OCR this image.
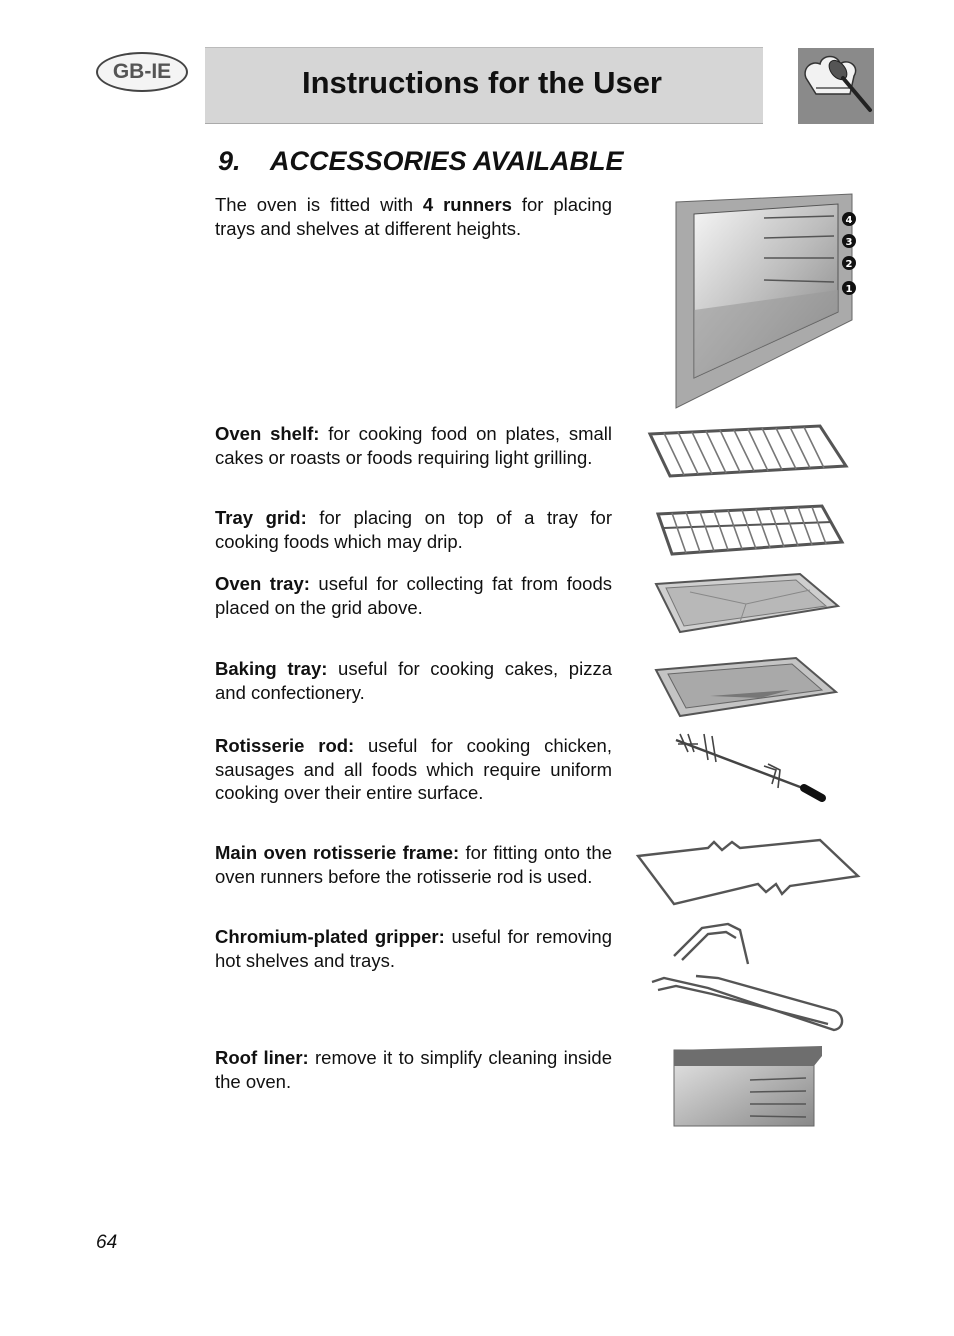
GB-IE	Instructions for the User
9. ACCESSORIES AVAILABLE
The oven is fitted with 4 runners for placing trays and shelves at different heights.
Oven shelf: for cooking food on plates, small cakes or roasts or foods requiring light grilling.
Tray grid: for placing on top of a tray for cooking foods which may drip.
Oven tray: useful for collecting fat from foods placed on the grid above.
Baking tray: useful for cooking cakes, pizza and confectionery.
Rotisserie rod: useful for cooking chicken, sausages and all foods which require uniform cooking over their entire surface.
Main oven rotisserie frame: for fitting onto the oven runners before the rotisserie rod is used.
Chromium-plated gripper: useful for removing hot shelves and trays.
Roof liner: remove it to simplify cleaning inside the oven.
4
3
2
1
64
